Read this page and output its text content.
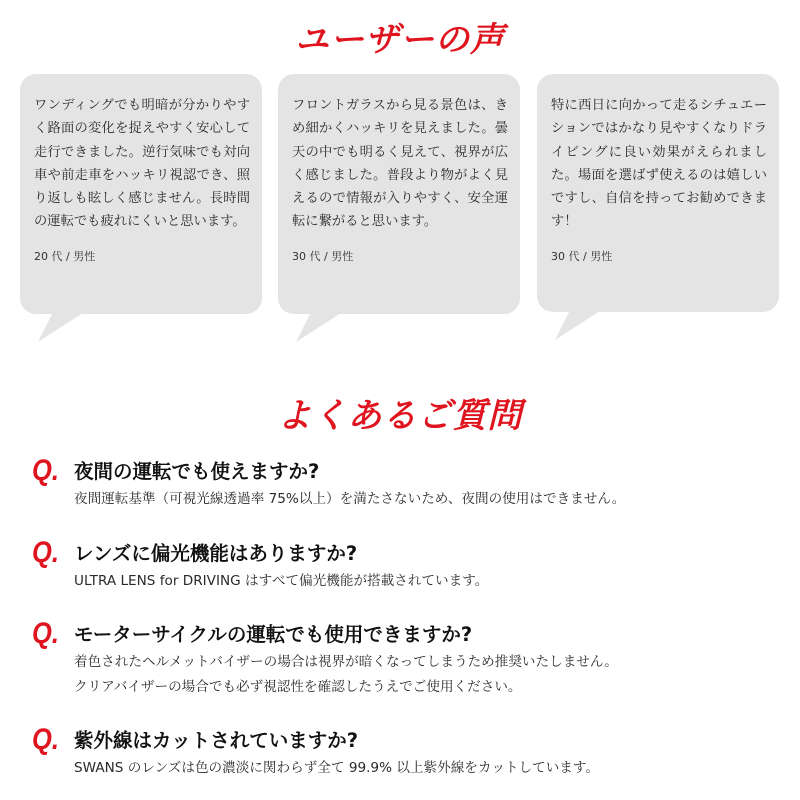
ユーザーの声

ワンディングでも明暗が分かりやすく路面の変化を捉えやすく安心して走行できました。逆行気味でも対向車や前走車をハッキリ視認でき、照り返しも眩しく感じません。長時間の運転でも疲れにくいと思います。

20 代 / 男性

フロントガラスから見る景色は、きめ細かくハッキリを見えました。曇天の中でも明るく見えて、視界が広く感じました。普段より物がよく見えるので情報が入りやすく、安全運転に繋がると思います。

30 代 / 男性

特に西日に向かって走るシチュエーションではかなり見やすくなりドライビングに良い効果がえられました。場面を選ばず使えるのは嬉しいですし、自信を持ってお勧めできます！

30 代 / 男性
よくあるご質問
Q. 夜間の運転でも使えますか?
夜間運転基準（可視光線透過率 75%以上）を満たさないため、夜間の使用はできません。
Q. レンズに偏光機能はありますか?
ULTRA LENS for DRIVING はすべて偏光機能が搭載されています。
Q. モーターサイクルの運転でも使用できますか?
着色されたヘルメットバイザーの場合は視界が暗くなってしまうため推奨いたしません。
クリアバイザーの場合でも必ず視認性を確認したうえでご使用ください。
Q. 紫外線はカットされていますか?
SWANS のレンズは色の濃淡に関わらず全て 99.9% 以上紫外線をカットしています。
